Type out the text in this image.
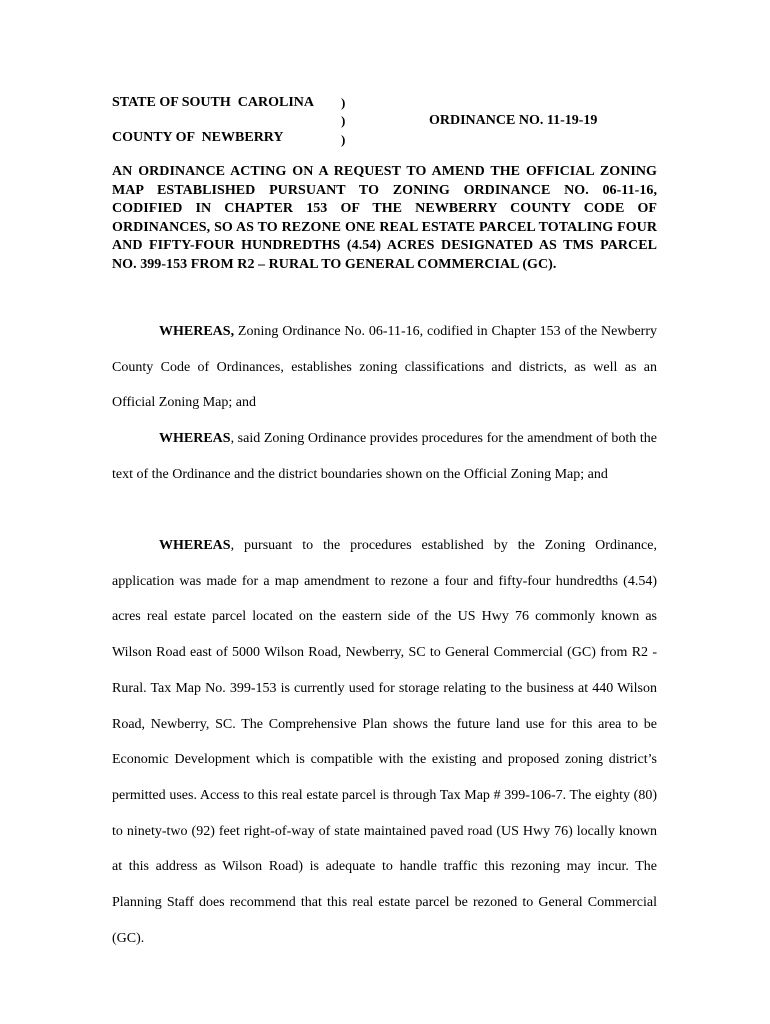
STATE OF SOUTH  CAROLINA )
)
)
COUNTY OF  NEWBERRY
ORDINANCE NO. 11-19-19
AN ORDINANCE ACTING ON A REQUEST TO AMEND THE OFFICIAL ZONING MAP ESTABLISHED PURSUANT TO ZONING ORDINANCE NO. 06-11-16, CODIFIED IN CHAPTER 153 OF THE NEWBERRY COUNTY CODE OF ORDINANCES, SO AS TO REZONE ONE REAL ESTATE PARCEL TOTALING FOUR AND FIFTY-FOUR HUNDREDTHS (4.54) ACRES DESIGNATED AS TMS PARCEL NO. 399-153 FROM R2 – RURAL TO GENERAL COMMERCIAL (GC).
WHEREAS, Zoning Ordinance No. 06-11-16, codified in Chapter 153 of the Newberry County Code of Ordinances, establishes zoning classifications and districts, as well as an Official Zoning Map; and
WHEREAS, said Zoning Ordinance provides procedures for the amendment of both the text of the Ordinance and the district boundaries shown on the Official Zoning Map; and
WHEREAS, pursuant to the procedures established by the Zoning Ordinance, application was made for a map amendment to rezone a four and fifty-four hundredths (4.54) acres real estate parcel located on the eastern side of the US Hwy 76 commonly known as Wilson Road east of 5000 Wilson Road, Newberry, SC to General Commercial (GC) from R2 - Rural. Tax Map No. 399-153 is currently used for storage relating to the business at 440 Wilson Road, Newberry, SC. The Comprehensive Plan shows the future land use for this area to be Economic Development which is compatible with the existing and proposed zoning district’s permitted uses. Access to this real estate parcel is through Tax Map # 399-106-7. The eighty (80) to ninety-two (92) feet right-of-way of state maintained paved road (US Hwy 76) locally known at this address as Wilson Road) is adequate to handle traffic this rezoning may incur. The Planning Staff does recommend that this real estate parcel be rezoned to General Commercial (GC).
